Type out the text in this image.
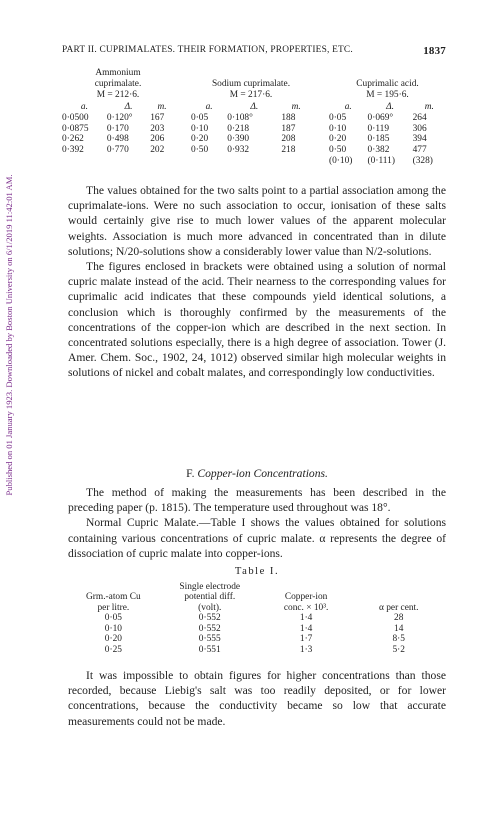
Published on 01 January 1923. Downloaded by Boston University on 6/1/2019 11:42:01 AM.
PART II. CUPRIMALATES. THEIR FORMATION, PROPERTIES, ETC.	1837
Ammonium
cuprimalate.
M = 212·6.
a.	Δ.	m.
0·0500	0·120°	167
0·0875	0·170	203
0·262	0·498	206
0·392	0·770	202
Sodium cuprimalate.
M = 217·6.
a.	Δ.	m.
0·05	0·108°	188
0·10	0·218	187
0·20	0·390	208
0·50	0·932	218
Cuprimalic acid.
M = 195·6.
a.	Δ.	m.
0·05	0·069°	264
0·10	0·119	306
0·20	0·185	394
0·50	0·382	477
(0·10)	(0·111)	(328)

The values obtained for the two salts point to a partial association among the cuprimalate-ions. Were no such association to occur, ionisation of these salts would certainly give rise to much lower values of the apparent molecular weights. Association is much more advanced in concentrated than in dilute solutions; N/20-solutions show a considerably lower value than N/2-solutions.

The figures enclosed in brackets were obtained using a solution of normal cupric malate instead of the acid. Their nearness to the corresponding values for cuprimalic acid indicates that these compounds yield identical solutions, a conclusion which is thoroughly confirmed by the measurements of the concentrations of the copper-ion which are described in the next section. In concentrated solutions especially, there is a high degree of association. Tower (J. Amer. Chem. Soc., 1902, 24, 1012) observed similar high molecular weights in solutions of nickel and cobalt malates, and correspondingly low conductivities.

F. Copper-ion Concentrations.

The method of making the measurements has been described in the preceding paper (p. 1815). The temperature used throughout was 18°.

Normal Cupric Malate.—Table I shows the values obtained for solutions containing various concentrations of cupric malate. α represents the degree of dissociation of cupric malate into copper-ions.

Table I.
	Single electrode		
Grm.-atom Cu	potential diff.	Copper-ion	
per litre.	(volt).	conc. × 10³.	α per cent.
0·05	0·552	1·4	28
0·10	0·552	1·4	14
0·20	0·555	1·7	8·5
0·25	0·551	1·3	5·2

It was impossible to obtain figures for higher concentrations than those recorded, because Liebig's salt was too readily deposited, or for lower concentrations, because the conductivity became so low that accurate measurements could not be made.
